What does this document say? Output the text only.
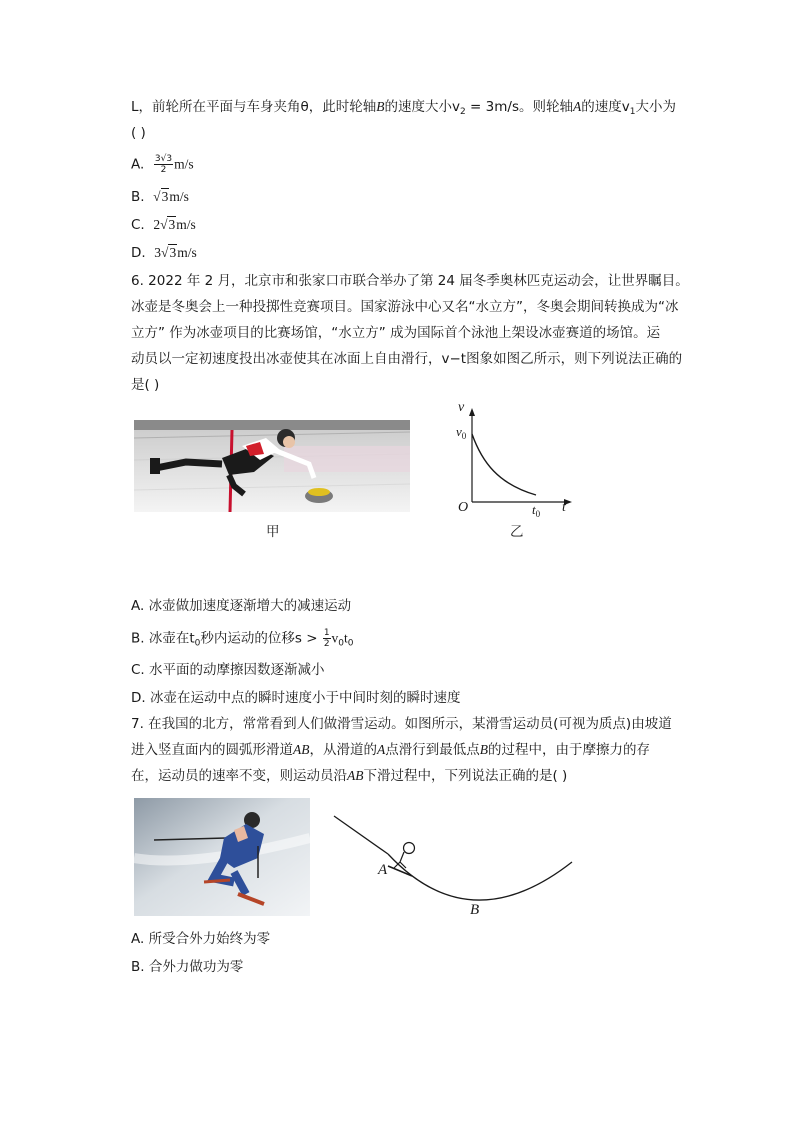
L，前轮所在平面与车身夹角θ，此时轮轴B的速度大小$v_2 = 3m/s$。则轮轴A的速度$v_1$大小为
( )
A. $\frac{3√3}{2} m/s$
B. √3m/s
C. 2√3m/s
D. 3√3m/s
6. 2022 年 2 月，北京市和张家口市联合举办了第 24 届冬季奥林匹克运动会，让世界瞩目。
冰壶是冬奥会上一种投掷性竞赛项目。国家游泳中心又名“水立方”，冬奥会期间转换成为“冰
立方” 作为冰壶项目的比赛场馆，“水立方” 成为国际首个泳池上架设冰壶赛道的场馆。运
动员以一定初速度投出冰壶使其在冰面上自由滑行，v−t图象如图乙所示，则下列说法正确的
是( )
甲
v
$v_0$
O	$t_0$ t
乙
A. 冰壶做加速度逐渐增大的减速运动
B. 冰壶在$t_0$秒内运动的位移$s > \frac{1}{2} v_0t_0$
C. 水平面的动摩擦因数逐渐减小
D. 冰壶在运动中点的瞬时速度小于中间时刻的瞬时速度
7. 在我国的北方，常常看到人们做滑雪运动。如图所示，某滑雪运动员(可视为质点)由坡道
进入竖直面内的圆弧形滑道AB，从滑道的A点滑行到最低点B的过程中，由于摩擦力的存
在，运动员的速率不变，则运动员沿AB下滑过程中，下列说法正确的是( )
A
B
A. 所受合外力始终为零
B. 合外力做功为零
